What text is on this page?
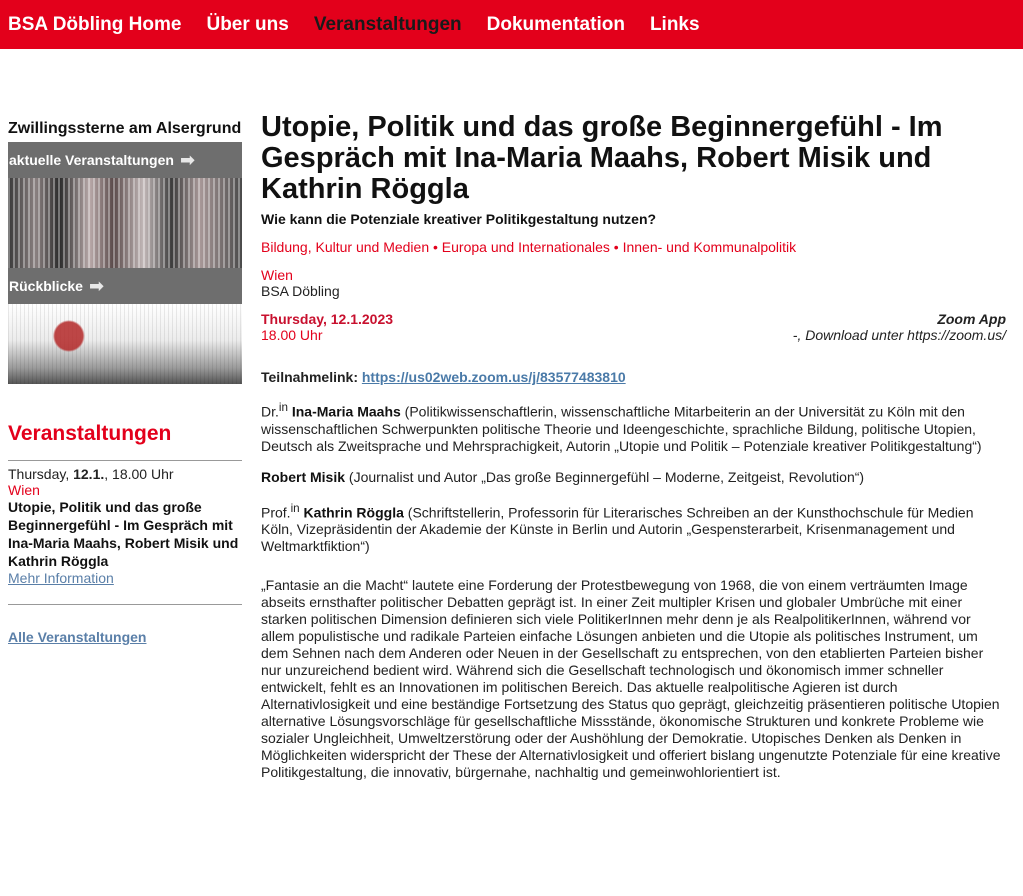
BSA Döbling Home Über uns Veranstaltungen Dokumentation Links
Zwillingssterne am Alsergrund
aktuelle Veranstaltungen ➡
Rückblicke ➡
Veranstaltungen
Thursday, 12.1., 18.00 Uhr
Wien
Utopie, Politik und das große Beginnergefühl - Im Gespräch mit Ina-Maria Maahs, Robert Misik und Kathrin Röggla
Mehr Information
Alle Veranstaltungen
Utopie, Politik und das große Beginnergefühl - Im Gespräch mit Ina-Maria Maahs, Robert Misik und Kathrin Röggla
Wie kann die Potenziale kreativer Politikgestaltung nutzen?
Bildung, Kultur und Medien • Europa und Internationales • Innen- und Kommunalpolitik
Wien
BSA Döbling
Thursday, 12.1.2023
18.00 Uhr
Zoom App
-, Download unter https://zoom.us/
Teilnahmelink: https://us02web.zoom.us/j/83577483810

Dr.$^{in}$ Ina-Maria Maahs (Politikwissenschaftlerin, wissenschaftliche Mitarbeiterin an der Universität zu Köln mit den wissenschaftlichen Schwerpunkten politische Theorie und Ideengeschichte, sprachliche Bildung, politische Utopien, Deutsch als Zweitsprache und Mehrsprachigkeit, Autorin „Utopie und Politik – Potenziale kreativer Politikgestaltung“)

Robert Misik (Journalist und Autor „Das große Beginnergefühl – Moderne, Zeitgeist, Revolution“)

Prof.$^{in}$ Kathrin Röggla (Schriftstellerin, Professorin für Literarisches Schreiben an der Kunsthochschule für Medien Köln, Vizepräsidentin der Akademie der Künste in Berlin und Autorin „Gespensterarbeit, Krisenmanagement und Weltmarktfiktion“)

„Fantasie an die Macht“ lautete eine Forderung der Protestbewegung von 1968, die von einem verträumten Image abseits ernsthafter politischer Debatten geprägt ist. In einer Zeit multipler Krisen und globaler Umbrüche mit einer starken politischen Dimension definieren sich viele PolitikerInnen mehr denn je als RealpolitikerInnen, während vor allem populistische und radikale Parteien einfache Lösungen anbieten und die Utopie als politisches Instrument, um dem Sehnen nach dem Anderen oder Neuen in der Gesellschaft zu entsprechen, von den etablierten Parteien bisher nur unzureichend bedient wird. Während sich die Gesellschaft technologisch und ökonomisch immer schneller entwickelt, fehlt es an Innovationen im politischen Bereich. Das aktuelle realpolitische Agieren ist durch Alternativlosigkeit und eine beständige Fortsetzung des Status quo geprägt, gleichzeitig präsentieren politische Utopien alternative Lösungsvorschläge für gesellschaftliche Missstände, ökonomische Strukturen und konkrete Probleme wie sozialer Ungleichheit, Umweltzerstörung oder der Aushöhlung der Demokratie. Utopisches Denken als Denken in Möglichkeiten widerspricht der These der Alternativlosigkeit und offeriert bislang ungenutzte Potenziale für eine kreative Politikgestaltung, die innovativ, bürgernahe, nachhaltig und gemeinwohlorientiert ist.
